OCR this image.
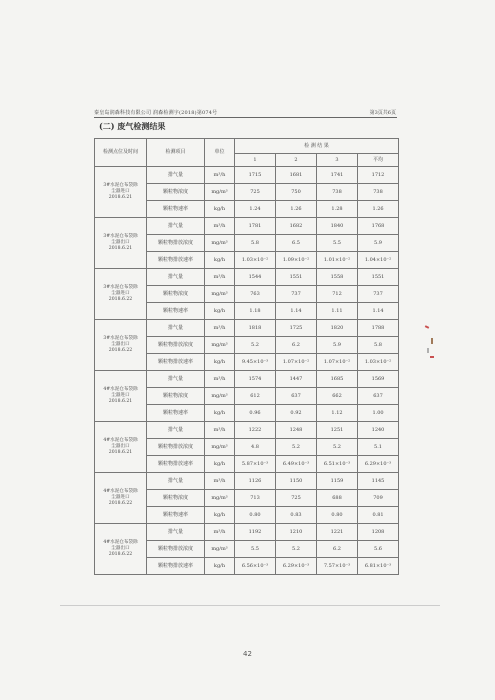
秦皇岛润森科技有限公司 润森检测字(2018)第074号	第3页共6页
(二) 废气检测结果
检测点位及时间	检测项目	单位	检 测 结 果			
			1	2	3	平均

3#水泥仓布袋除
尘器进口
2018.6.21	排气量	m³/h	1715	1681	1741	1712
	颗粒物浓度	mg/m³	725	750	738	738
	颗粒物速率	kg/h	1.24	1.26	1.28	1.26

3#水泥仓布袋除
尘器出口
2018.6.21	排气量	m³/h	1781	1682	1840	1768
	颗粒物排放浓度	mg/m³	5.8	6.5	5.5	5.9
	颗粒物排放速率	kg/h	1.03×10⁻²	1.09×10⁻²	1.01×10⁻²	1.04×10⁻²

3#水泥仓布袋除
尘器进口
2018.6.22	排气量	m³/h	1544	1551	1558	1551
	颗粒物浓度	mg/m³	763	737	712	737
	颗粒物速率	kg/h	1.18	1.14	1.11	1.14

3#水泥仓布袋除
尘器出口
2018.6.22	排气量	m³/h	1818	1725	1820	1788
	颗粒物排放浓度	mg/m³	5.2	6.2	5.9	5.8
	颗粒物排放速率	kg/h	9.45×10⁻³	1.07×10⁻²	1.07×10⁻²	1.03×10⁻²

4#水泥仓布袋除
尘器进口
2018.6.21	排气量	m³/h	1574	1447	1685	1569
	颗粒物浓度	mg/m³	612	637	662	637
	颗粒物速率	kg/h	0.96	0.92	1.12	1.00

4#水泥仓布袋除
尘器出口
2018.6.21	排气量	m³/h	1222	1248	1251	1240
	颗粒物排放浓度	mg/m³	4.8	5.2	5.2	5.1
	颗粒物排放速率	kg/h	5.87×10⁻³	6.49×10⁻³	6.51×10⁻³	6.29×10⁻³

4#水泥仓布袋除
尘器进口
2018.6.22	排气量	m³/h	1126	1150	1159	1145
	颗粒物浓度	mg/m³	713	725	688	709
	颗粒物速率	kg/h	0.80	0.83	0.80	0.81

4#水泥仓布袋除
尘器出口
2018.6.22	排气量	m³/h	1192	1210	1221	1208
	颗粒物排放浓度	mg/m³	5.5	5.2	6.2	5.6
	颗粒物排放速率	kg/h	6.56×10⁻³	6.29×10⁻³	7.57×10⁻³	6.81×10⁻³
42
